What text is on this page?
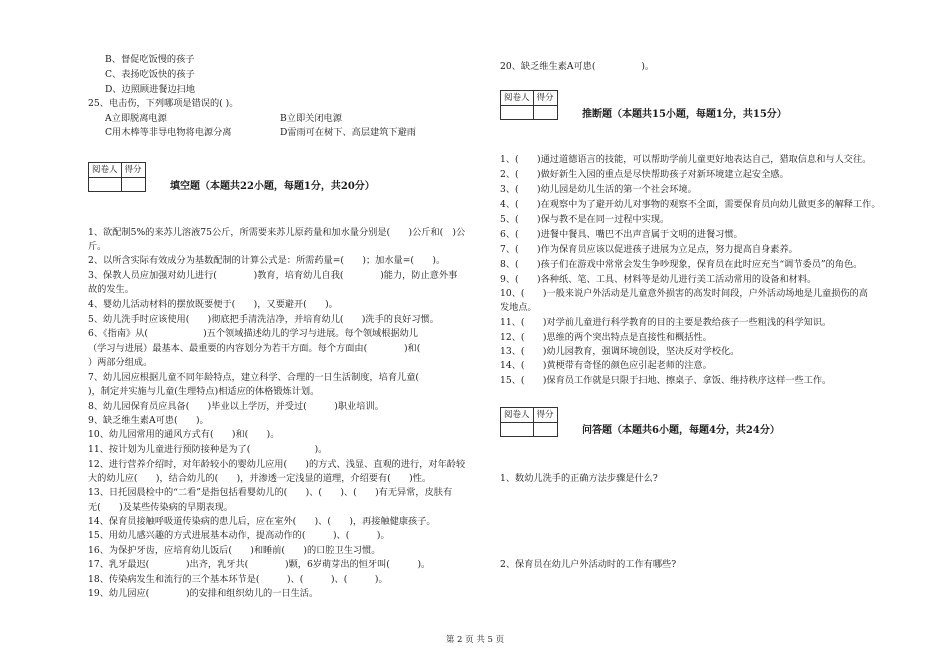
B、督促吃饭慢的孩子
C、表扬吃饭快的孩子
D、边照顾进餐边扫地
25、电击伤，下列哪项是错误的( )。
A立即脱离电源	B立即关闭电源
C用木棒等非导电物将电源分离	D雷雨可在树下、高层建筑下避雨
阅卷人	得分

填空题（本题共22小题，每题1分，共20分）
1、欲配制5%的来苏儿溶液75公斤，所需要来苏儿原药量和加水量分别是(　　)公斤和(　)公
斤。
2、以所含实际有效成分为基数配制的计算公式是：所需药量=(　　)；加水量=(　　)。
3、保教人员应加强对幼儿进行(　　　　)教育，培育幼儿自我(　　　　)能力，防止意外事
故的发生。
4、婴幼儿活动材料的摆放既要便于(　　)，又要避开(　　)。
5、幼儿洗手时应该使用(　　)彻底把手清洗洁净，并培育幼儿(　　)洗手的良好习惯。
6、《指南》从(　　　　　　)五个领域描述幼儿的学习与进展。每个领域根据幼儿
（学习与进展）最基本、最重要的内容划分为若干方面。每个方面由(　　　　)和(　　　　
）两部分组成。
7、幼儿园应根据儿童不同年龄特点，建立科学、合理的一日生活制度，培育儿童(　　
)，制定并实施与儿童(生理特点)相适应的体格锻炼计划。
8、幼儿园保育员应具备(　　)毕业以上学历，并受过(　　　)职业培训。
9、缺乏维生素A可患(　　)。
10、幼儿园常用的通风方式有(　　)和(　　)。
11、按计划为儿童进行预防接种是为了(　　　　　　　)。
12、进行营养介绍时，对年龄较小的婴幼儿应用(　　)的方式、浅显、直观的进行，对年龄较
大的幼儿应(　　)，结合幼儿的(　　)，并渗透一定浅显的道理，介绍要有(　　)性。
13、日托园晨检中的“二看”是指包括看婴幼儿的(　　)、(　　)、(　　)有无异常，皮肤有
无(　　)及某些传染病的早期表现。
14、保育员接触呼吸道传染病的患儿后，应在室外(　　)、(　　)，再接触健康孩子。
15、用幼儿感兴趣的方式进展基本动作，提高动作的(　　　)、(　　　)。
16、为保护牙齿，应培育幼儿饭后(　　)和睡前(　　)的口腔卫生习惯。
17、乳牙最迟(　　　　)出齐，乳牙共(　　　　)颗，6岁萌芽出的恒牙叫(　　　)。
18、传染病发生和流行的三个基本环节是(　　　)、(　　　)、(　　　)。
19、幼儿园应(　　　　)的安排和组织幼儿的一日生活。
20、缺乏维生素A可患(　　　　　)。
阅卷人	得分

推断题（本题共15小题，每题1分，共15分）
1、(　　)通过道德语言的技能，可以帮助学前儿童更好地表达自己，猎取信息和与人交往。
2、(　　)做好新生入园的重点是尽快帮助孩子对新环境建立起安全感。
3、(　　)幼儿园是幼儿生活的第一个社会环境。
4、(　　)在观察中为了避开幼儿对事物的观察不全面，需要保育员向幼儿做更多的解释工作。
5、(　　)保与教不是在同一过程中实现。
6、(　　)进餐中餐具、嘴巴不出声音属于文明的进餐习惯。
7、(　　)作为保育员应该以促进孩子进展为立足点，努力提高自身素养。
8、(　　)孩子们在游戏中常常会发生争吵现象，保育员在此时应充当“调节委员”的角色。
9、(　　)各种纸、笔、工具、材料等是幼儿进行美工活动常用的设备和材料。
10、(　　)一般来说户外活动是儿童意外损害的高发时间段，户外活动场地是儿童损伤的高
发地点。
11、(　　)对学前儿童进行科学教育的目的主要是教给孩子一些粗浅的科学知识。
12、(　　)思维的两个突出特点是直接性和概括性。
13、(　　)幼儿园教育，强调环境创设，坚决反对学校化。
14、(　　)黄梗带有奇怪的颜色应引起老师的注意。
15、(　　)保育员工作就是只限于扫地、擦桌子、拿饭、维持秩序这样一些工作。
阅卷人	得分

问答题（本题共6小题，每题4分，共24分）
1、数幼儿洗手的正确方法步骤是什么?
2、保育员在幼儿户外活动时的工作有哪些?
第 2 页 共 5 页
